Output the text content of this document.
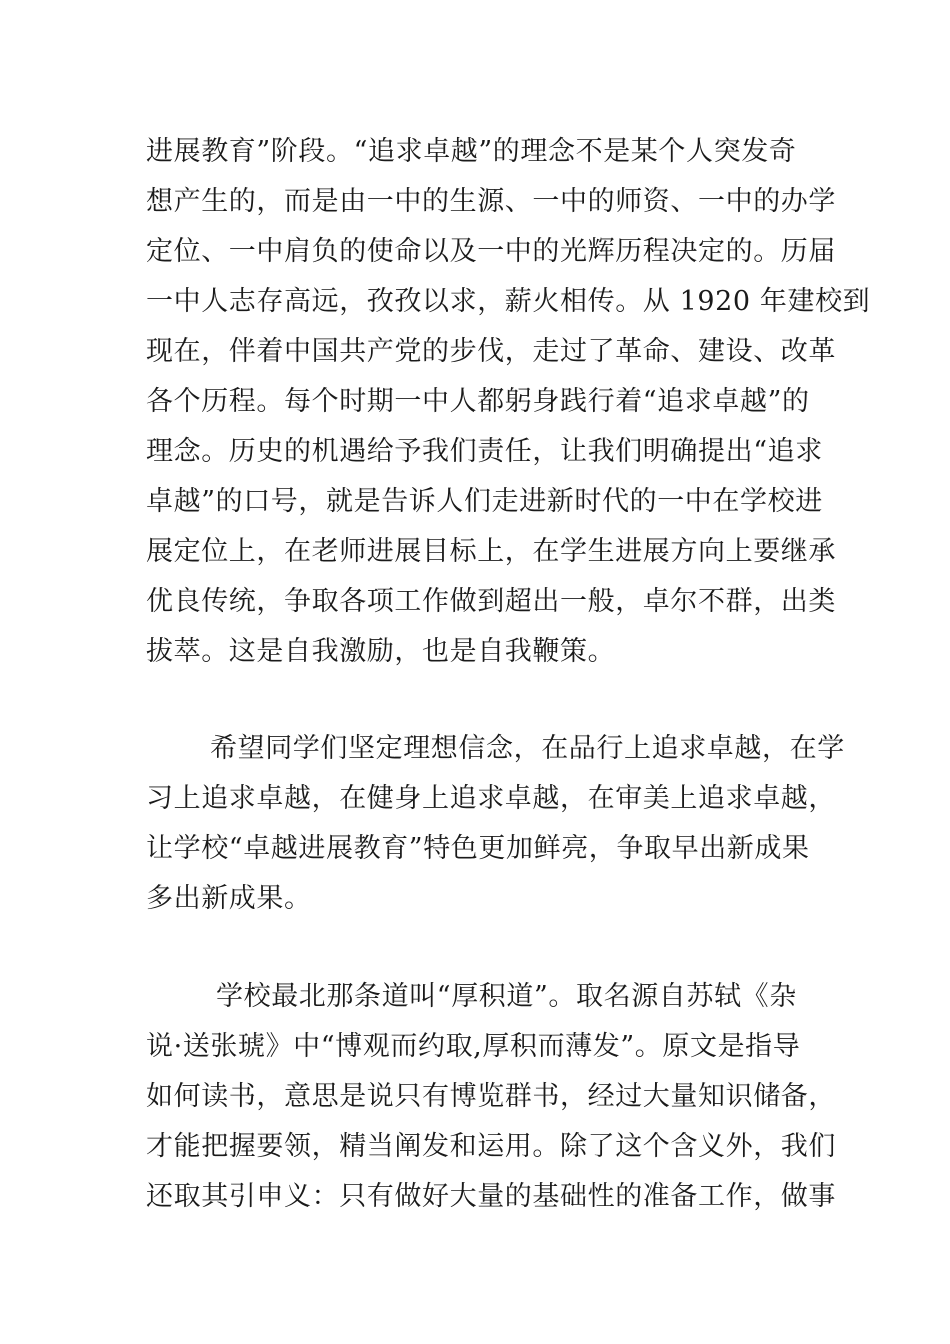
进展教育”阶段。“追求卓越”的理念不是某个人突发奇
想产生的，而是由一中的生源、一中的师资、一中的办学
定位、一中肩负的使命以及一中的光辉历程决定的。历届
一中人志存高远，孜孜以求，薪火相传。从 1920 年建校到
现在，伴着中国共产党的步伐，走过了革命、建设、改革
各个历程。每个时期一中人都躬身践行着“追求卓越”的
理念。历史的机遇给予我们责任，让我们明确提出“追求
卓越”的口号，就是告诉人们走进新时代的一中在学校进
展定位上，在老师进展目标上，在学生进展方向上要继承
优良传统，争取各项工作做到超出一般，卓尔不群，出类
拔萃。这是自我激励，也是自我鞭策。
希望同学们坚定理想信念，在品行上追求卓越，在学
习上追求卓越，在健身上追求卓越，在审美上追求卓越，
让学校“卓越进展教育”特色更加鲜亮，争取早出新成果
多出新成果。
学校最北那条道叫“厚积道”。取名源自苏轼《杂
说·送张琥》中“博观而约取,厚积而薄发”。原文是指导
如何读书，意思是说只有博览群书，经过大量知识储备，
才能把握要领，精当阐发和运用。除了这个含义外，我们
还取其引申义：只有做好大量的基础性的准备工作，做事
